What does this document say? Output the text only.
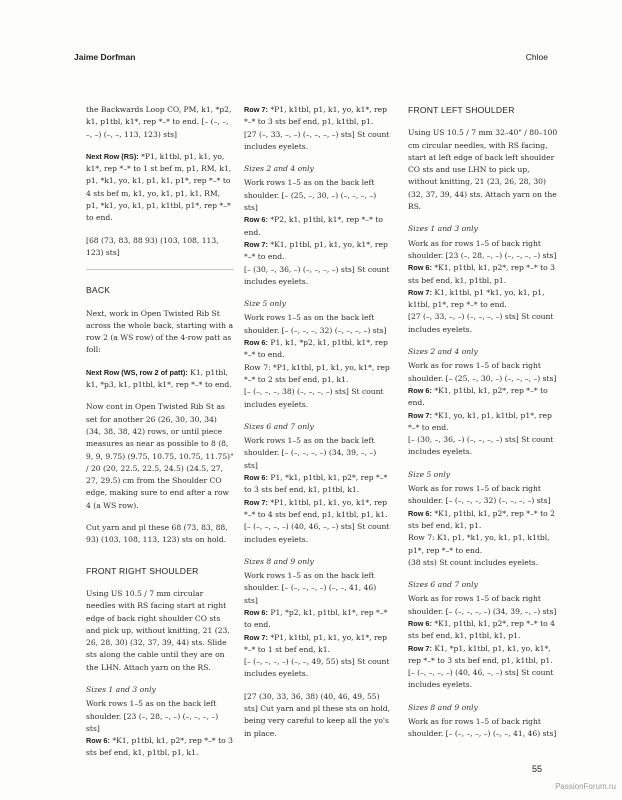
Jaime Dorfman	Chloe

the Backwards Loop CO, PM, k1, *p2, k1, p1tbl, k1*, rep *–* to end. [– (–, –, –, –) (–, –, 113, 123) sts]

Next Row (RS): *P1, k1tbl, p1, k1, yo, k1*, rep *–* to 1 st bef m, p1, RM, k1, p1, *k1, yo, k1, p1, k1, p1*, rep *–* to 4 sts bef m, k1, yo, k1, p1, k1, RM, p1, *k1, yo, k1, p1, k1tbl, p1*, rep *–* to end.

[68 (73, 83, 88 93) (103, 108, 113, 123) sts]

BACK

Next, work in Open Twisted Rib St across the whole back, starting with a row 2 (a WS row) of the 4-row patt as foll:

Next Row (WS, row 2 of patt): K1, p1tbl, k1, *p3, k1, p1tbl, k1*, rep *–* to end.

Now cont in Open Twisted Rib St as set for another 26 (26, 30, 30, 34) (34, 38, 38, 42) rows, or until piece measures as near as possible to 8 (8, 9, 9, 9.75) (9.75, 10.75, 10.75, 11.75)" / 20 (20, 22.5, 22.5, 24.5) (24.5, 27, 27, 29.5) cm from the Shoulder CO edge, making sure to end after a row 4 (a WS row).

Cut yarn and pl these 68 (73, 83, 88, 93) (103, 108, 113, 123) sts on hold.

FRONT RIGHT SHOULDER

Using US 10.5 / 7 mm circular needles with RS facing start at right edge of back right shoulder CO sts and pick up, without knitting, 21 (23, 26, 28, 30) (32, 37, 39, 44) sts. Slide sts along the cable until they are on the LHN. Attach yarn on the RS.

Sizes 1 and 3 only

Work rows 1–5 as on the back left shoulder. [23 (–, 28, –, –) (–, –, –, –) sts]

Row 6: *K1, p1tbl, k1, p2*, rep *–* to 3 sts bef end, k1, p1tbl, p1, k1.

Row 7: *P1, k1tbl, p1, k1, yo, k1*, rep *–* to 3 sts bef end, p1, k1tbl, p1.

[27 (–, 33, –, –) (–, –, –, –) sts] St count includes eyelets.

Sizes 2 and 4 only

Work rows 1–5 as on the back left shoulder. [– (25, –, 30, –) (–, –, –, –) sts]

Row 6: *P2, k1, p1tbl, k1*, rep *–* to end.

Row 7: *K1, p1tbl, p1, k1, yo, k1*, rep *–* to end.

[– (30, –, 36, –) (–, –, –, –) sts] St count includes eyelets.

Size 5 only

Work rows 1–5 as on the back left shoulder. [– (–, –, –, 32) (–, –, –, –) sts]

Row 6: P1, k1, *p2, k1, p1tbl, k1*, rep *–* to end.

Row 7: *P1, k1tbl, p1, k1, yo, k1*, rep *–* to 2 sts bef end, p1, k1.

[– (–, –, –, 38) (–, –, –, –) sts] St count includes eyelets.

Sizes 6 and 7 only

Work rows 1–5 as on the back left shoulder. [– (–, –, –, –) (34, 39, –, –) sts]

Row 6: P1, *k1, p1tbl, k1, p2*, rep *–* to 3 sts bef end, k1, p1tbl, k1.

Row 7: *P1, k1tbl, p1, k1, yo, k1*, rep *–* to 4 sts bef end, p1, k1tbl, p1, k1.

[– (–, –, –, –) (40, 46, –, –) sts] St count includes eyelets.

Sizes 8 and 9 only

Work rows 1–5 as on the back left shoulder. [– (–, –, –, –) (–, –, 41, 46) sts]

Row 6: P1, *p2, k1, p1tbl, k1*, rep *–* to end.

Row 7: *P1, k1tbl, p1, k1, yo, k1*, rep *–* to 1 st bef end, k1.

[– (–, –, –, –) (–, –, 49, 55) sts] St count includes eyelets.

[27 (30, 33, 36, 38) (40, 46, 49, 55) sts] Cut yarn and pl these sts on hold, being very careful to keep all the yo's in place.

FRONT LEFT SHOULDER

Using US 10.5 / 7 mm 32–40" / 80–100 cm circular needles, with RS facing, start at left edge of back left shoulder CO sts and use LHN to pick up, without knitting, 21 (23, 26, 28, 30) (32, 37, 39, 44) sts. Attach yarn on the RS.

Sizes 1 and 3 only

Work as for rows 1–5 of back right shoulder. [23 (–, 28, –, –) (–, –, –, –) sts]

Row 6: *K1, p1tbl, k1, p2*, rep *–* to 3 sts bef end, k1, p1tbl, p1.

Row 7: K1, k1tbl, p1 *k1, yo, k1, p1, k1tbl, p1*, rep *–* to end.

[27 (–, 33, –, –) (–, –, –, –) sts] St count includes eyelets.

Sizes 2 and 4 only

Work as for rows 1–5 of back right shoulder. [– (25, –, 30, –) (–, –, –, –) sts]

Row 6: *K1, p1tbl, k1, p2*, rep *–* to end.

Row 7: *K1, yo, k1, p1, k1tbl, p1*, rep *–* to end.

[– (30, –, 36, –) (–, –, –, –) sts] St count includes eyelets.

Size 5 only

Work as for rows 1–5 of back right shoulder. [– (–, –, –, 32) (–, –, –, –) sts]

Row 6: *K1, p1tbl, k1, p2*, rep *–* to 2 sts bef end, k1, p1.

Row 7: K1, p1, *k1, yo, k1, p1, k1tbl, p1*, rep *–* to end.

(38 sts) St count includes eyelets.

Sizes 6 and 7 only

Work as for rows 1–5 of back right shoulder. [– (–, –, –, –) (34, 39, –, –) sts]

Row 6: *K1, p1tbl, k1, p2*, rep *–* to 4 sts bef end, k1, p1tbl, k1, p1.

Row 7: K1, *p1, k1tbl, p1, k1, yo, k1*, rep *–* to 3 sts bef end, p1, k1tbl, p1.

[– (–, –, –, –) (40, 46, –, –) sts] St count includes eyelets.

Sizes 8 and 9 only

Work as for rows 1–5 of back right shoulder. [– (–, –, –, –) (–, –, 41, 46) sts]

55
PassionForum.ru
